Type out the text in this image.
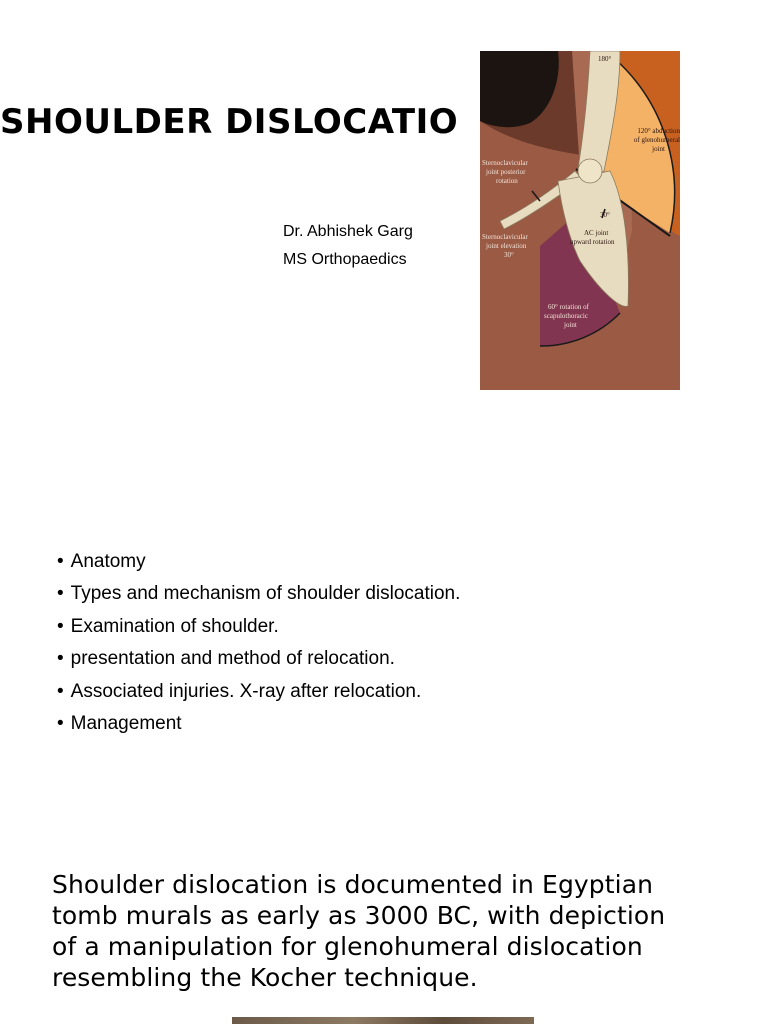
SHOULDER DISLOCATIO
Dr. Abhishek Garg
MS Orthopaedics
180°
120° abduction
of glenohumeral
joint
Sternoclavicular
joint posterior
rotation
30°
AC joint
upward rotation
Sternoclavicular
joint elevation
30°
60° rotation of
scapulothoracic
joint
• Anatomy
• Types and mechanism of shoulder dislocation.
• Examination of shoulder.
• presentation and method of relocation.
• Associated injuries. X-ray after relocation.
• Management

Shoulder dislocation is documented in Egyptian tomb murals as early as 3000 BC, with depiction of a manipulation for glenohumeral dislocation resembling the Kocher technique.
